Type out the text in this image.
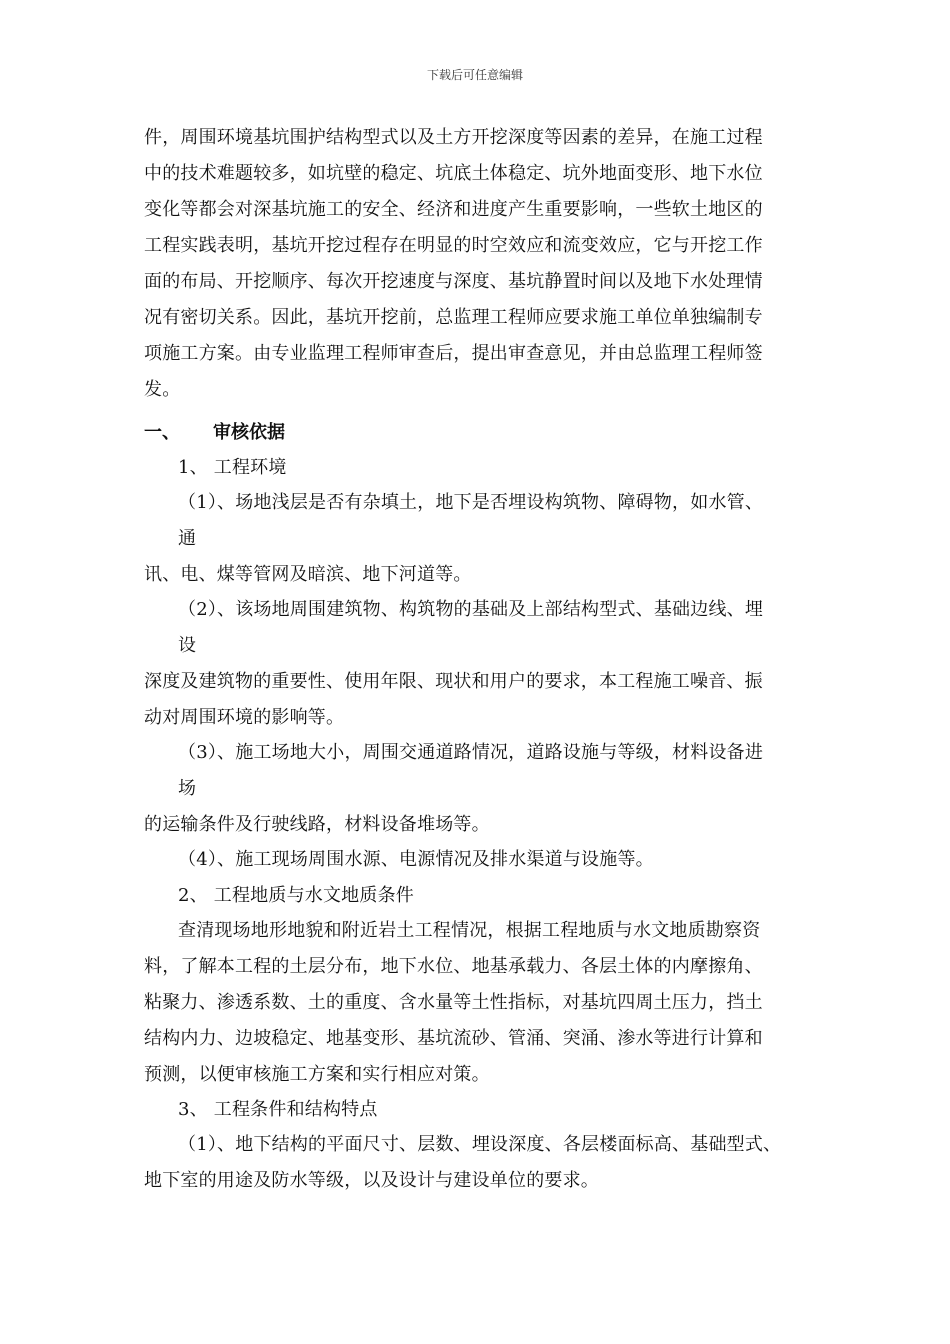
下载后可任意编辑
件，周围环境基坑围护结构型式以及土方开挖深度等因素的差异，在施工过程
中的技术难题较多，如坑壁的稳定、坑底土体稳定、坑外地面变形、地下水位
变化等都会对深基坑施工的安全、经济和进度产生重要影响，一些软土地区的
工程实践表明，基坑开挖过程存在明显的时空效应和流变效应，它与开挖工作
面的布局、开挖顺序、每次开挖速度与深度、基坑静置时间以及地下水处理情
况有密切关系。因此，基坑开挖前，总监理工程师应要求施工单位单独编制专
项施工方案。由专业监理工程师审查后，提出审查意见，并由总监理工程师签
发。
一、 审核依据
1、 工程环境
（1）、场地浅层是否有杂填土，地下是否埋设构筑物、障碍物，如水管、
通
讯、电、煤等管网及暗滨、地下河道等。
（2）、该场地周围建筑物、构筑物的基础及上部结构型式、基础边线、埋
设
深度及建筑物的重要性、使用年限、现状和用户的要求，本工程施工噪音、振
动对周围环境的影响等。
（3）、施工场地大小，周围交通道路情况，道路设施与等级，材料设备进
场
的运输条件及行驶线路，材料设备堆场等。
（4）、施工现场周围水源、电源情况及排水渠道与设施等。
2、 工程地质与水文地质条件
查清现场地形地貌和附近岩土工程情况，根据工程地质与水文地质勘察资
料，了解本工程的土层分布，地下水位、地基承载力、各层土体的内摩擦角、
粘聚力、渗透系数、土的重度、含水量等土性指标，对基坑四周土压力，挡土
结构内力、边坡稳定、地基变形、基坑流砂、管涌、突涌、渗水等进行计算和
预测，以便审核施工方案和实行相应对策。
3、 工程条件和结构特点
（1）、地下结构的平面尺寸、层数、埋设深度、各层楼面标高、基础型式、
地下室的用途及防水等级，以及设计与建设单位的要求。
